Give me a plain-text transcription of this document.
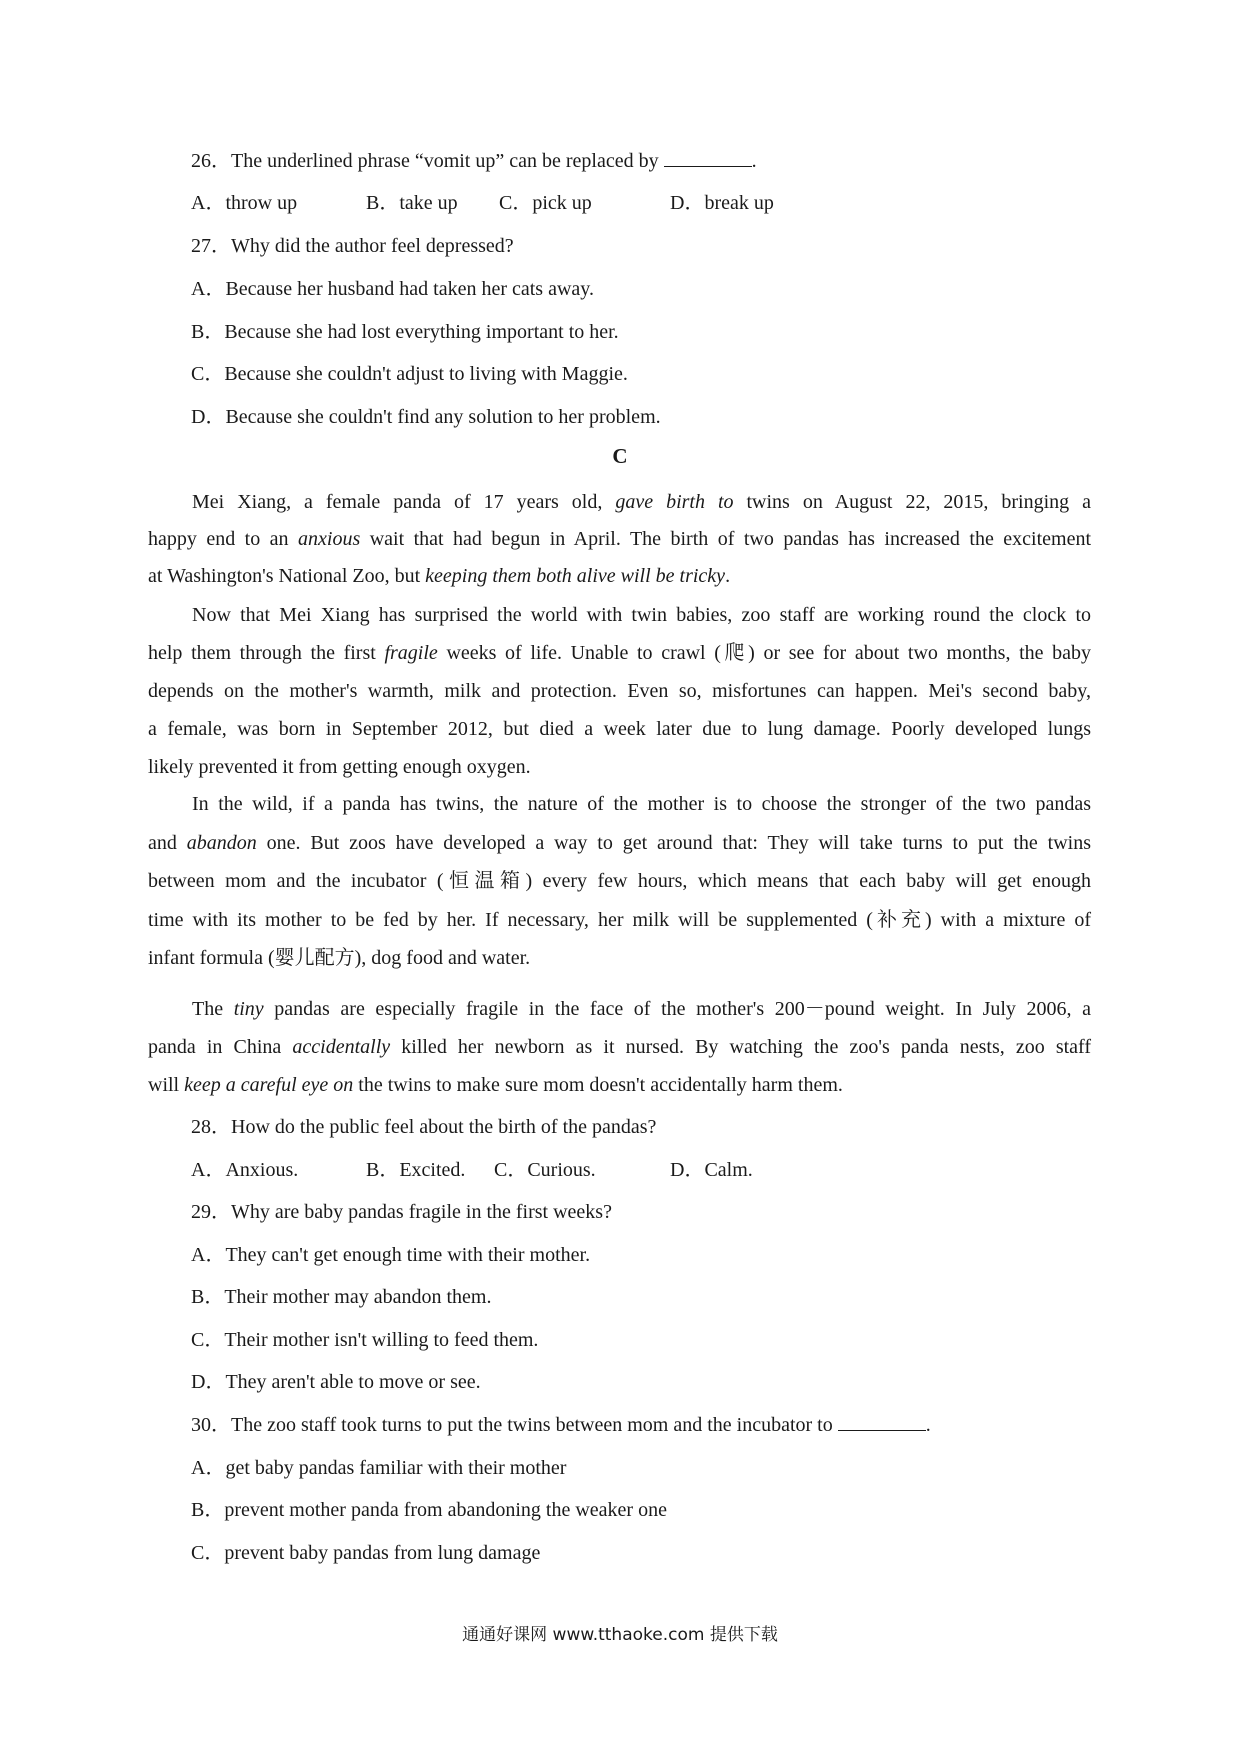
26．The underlined phrase “vomit up” can be replaced by	.
A．throw up	B．take up C．pick up	D．break up
27．Why did the author feel depressed?
A．Because her husband had taken her cats away.
B．Because she had lost everything important to her.
C．Because she couldn't adjust to living with Maggie.
D．Because she couldn't find any solution to her problem.
C
Mei Xiang, a female panda of 17 years old, gave birth to twins on August 22, 2015, bringing a
happy end to an anxious wait that had begun in April. The birth of two pandas has increased the excitement
at Washington's National Zoo, but keeping them both alive will be tricky.
Now that Mei Xiang has surprised the world with twin babies, zoo staff are working round the clock to
help them through the first fragile weeks of life. Unable to crawl (爬) or see for about two months, the baby
depends on the mother's warmth, milk and protection. Even so, misfortunes can happen. Mei's second baby,
a female, was born in September 2012, but died a week later due to lung damage. Poorly developed lungs
likely prevented it from getting enough oxygen.
In the wild, if a panda has twins, the nature of the mother is to choose the stronger of the two pandas
and abandon one. But zoos have developed a way to get around that: They will take turns to put the twins
between mom and the incubator (恒温箱) every few hours, which means that each baby will get enough
time with its mother to be fed by her. If necessary, her milk will be supplemented (补充) with a mixture of
infant formula (婴儿配方), dog food and water.
The tiny pandas are especially fragile in the face of the mother's 200－pound weight. In July 2006, a
panda in China accidentally killed her newborn as it nursed. By watching the zoo's panda nests, zoo staff
will keep a careful eye on the twins to make sure mom doesn't accidentally harm them.
28．How do the public feel about the birth of the pandas?
A．Anxious.	B．Excited. C．Curious.	D．Calm.
29．Why are baby pandas fragile in the first weeks?
A．They can't get enough time with their mother.
B．Their mother may abandon them.
C．Their mother isn't willing to feed them.
D．They aren't able to move or see.
30．The zoo staff took turns to put the twins between mom and the incubator to	.
A．get baby pandas familiar with their mother
B．prevent mother panda from abandoning the weaker one
C．prevent baby pandas from lung damage
通通好课网 www.tthaoke.com 提供下载
